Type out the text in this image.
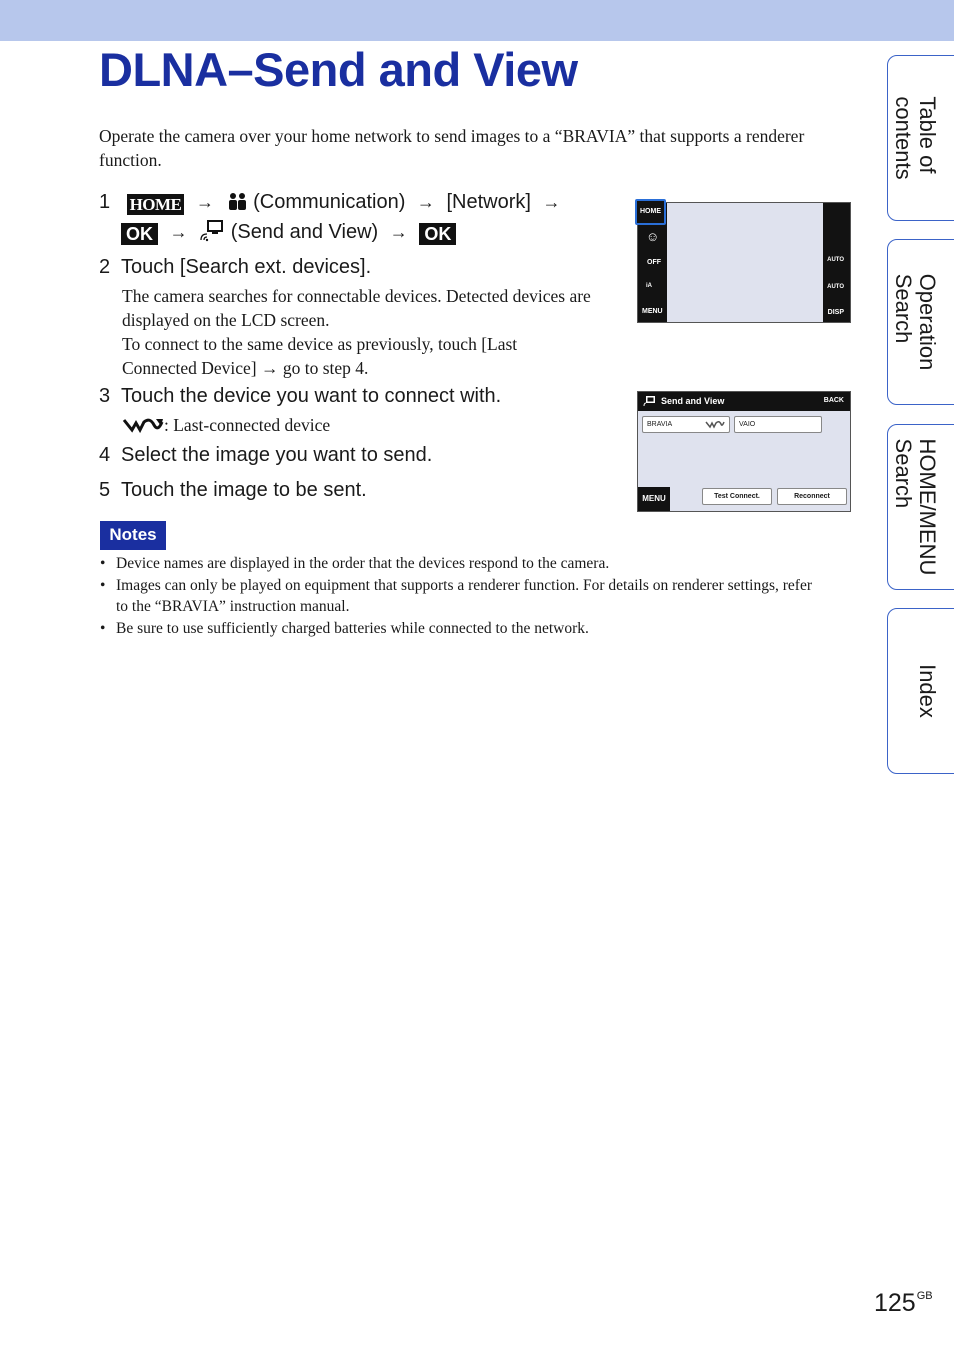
DLNA–Send and View

Operate the camera over your home network to send images to a “BRAVIA” that supports a renderer function.

1 HOME → (Communication) → [Network] →
OK → (Send and View) → OK
2 Touch [Search ext. devices].
The camera searches for connectable devices. Detected devices are displayed on the LCD screen.
To connect to the same device as previously, touch [Last Connected Device] → go to step 4.
3 Touch the device you want to connect with.
: Last-connected device
4 Select the image you want to send.
5 Touch the image to be sent.
HOME
☺
OFF
iA
MENU
AUTO
AUTO
DISP
Send and View	BACK
BRAVIA	VAIO
MENU	Test Connect.	Reconnect
Notes
• Device names are displayed in the order that the devices respond to the camera.
• Images can only be played on equipment that supports a renderer function. For details on renderer settings, refer to the “BRAVIA” instruction manual.
• Be sure to use sufficiently charged batteries while connected to the network.
Table of
contents
Operation
Search
HOME/MENU
Search
Index
$125^{GB}$
